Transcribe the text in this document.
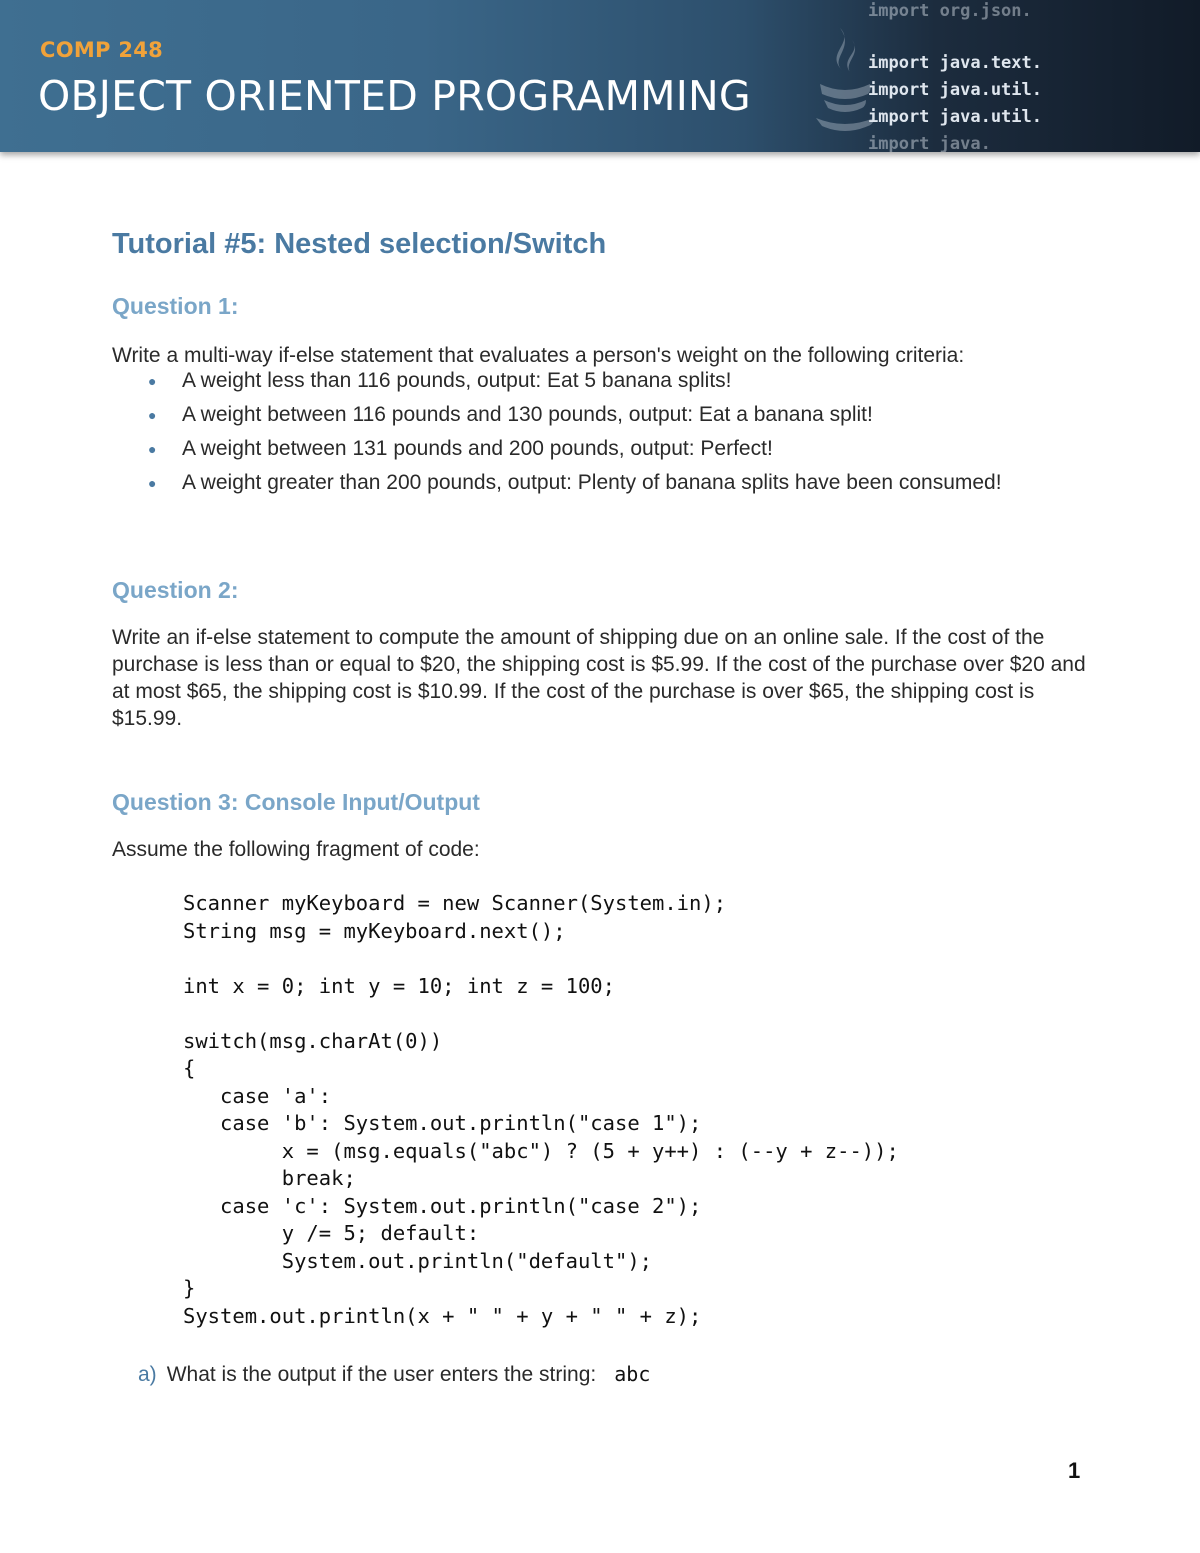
COMP 248
OBJECT ORIENTED PROGRAMMING
import org.json.
import java.text.
import java.util.
import java.util.
import java.
Tutorial #5: Nested selection/Switch
Question 1:
Write a multi-way if-else statement that evaluates a person's weight on the following criteria:
● A weight less than 116 pounds, output: Eat 5 banana splits!
● A weight between 116 pounds and 130 pounds, output: Eat a banana split!
● A weight between 131 pounds and 200 pounds, output: Perfect!
● A weight greater than 200 pounds, output: Plenty of banana splits have been consumed!
Question 2:
Write an if-else statement to compute the amount of shipping due on an online sale. If the cost of the purchase is less than or equal to $20, the shipping cost is $5.99. If the cost of the purchase over $20 and at most $65, the shipping cost is $10.99. If the cost of the purchase is over $65, the shipping cost is $15.99.
Question 3: Console Input/Output
Assume the following fragment of code:
Scanner myKeyboard = new Scanner(System.in);
String msg = myKeyboard.next();

int x = 0; int y = 10; int z = 100;

switch(msg.charAt(0))
{
case 'a':
case 'b': System.out.println("case 1");
x = (msg.equals("abc") ? (5 + y++) : (--y + z--));
break;
case 'c': System.out.println("case 2");
y /= 5; default:
System.out.println("default");
}
System.out.println(x + " " + y + " " + z);
a) What is the output if the user enters the string: abc
1
